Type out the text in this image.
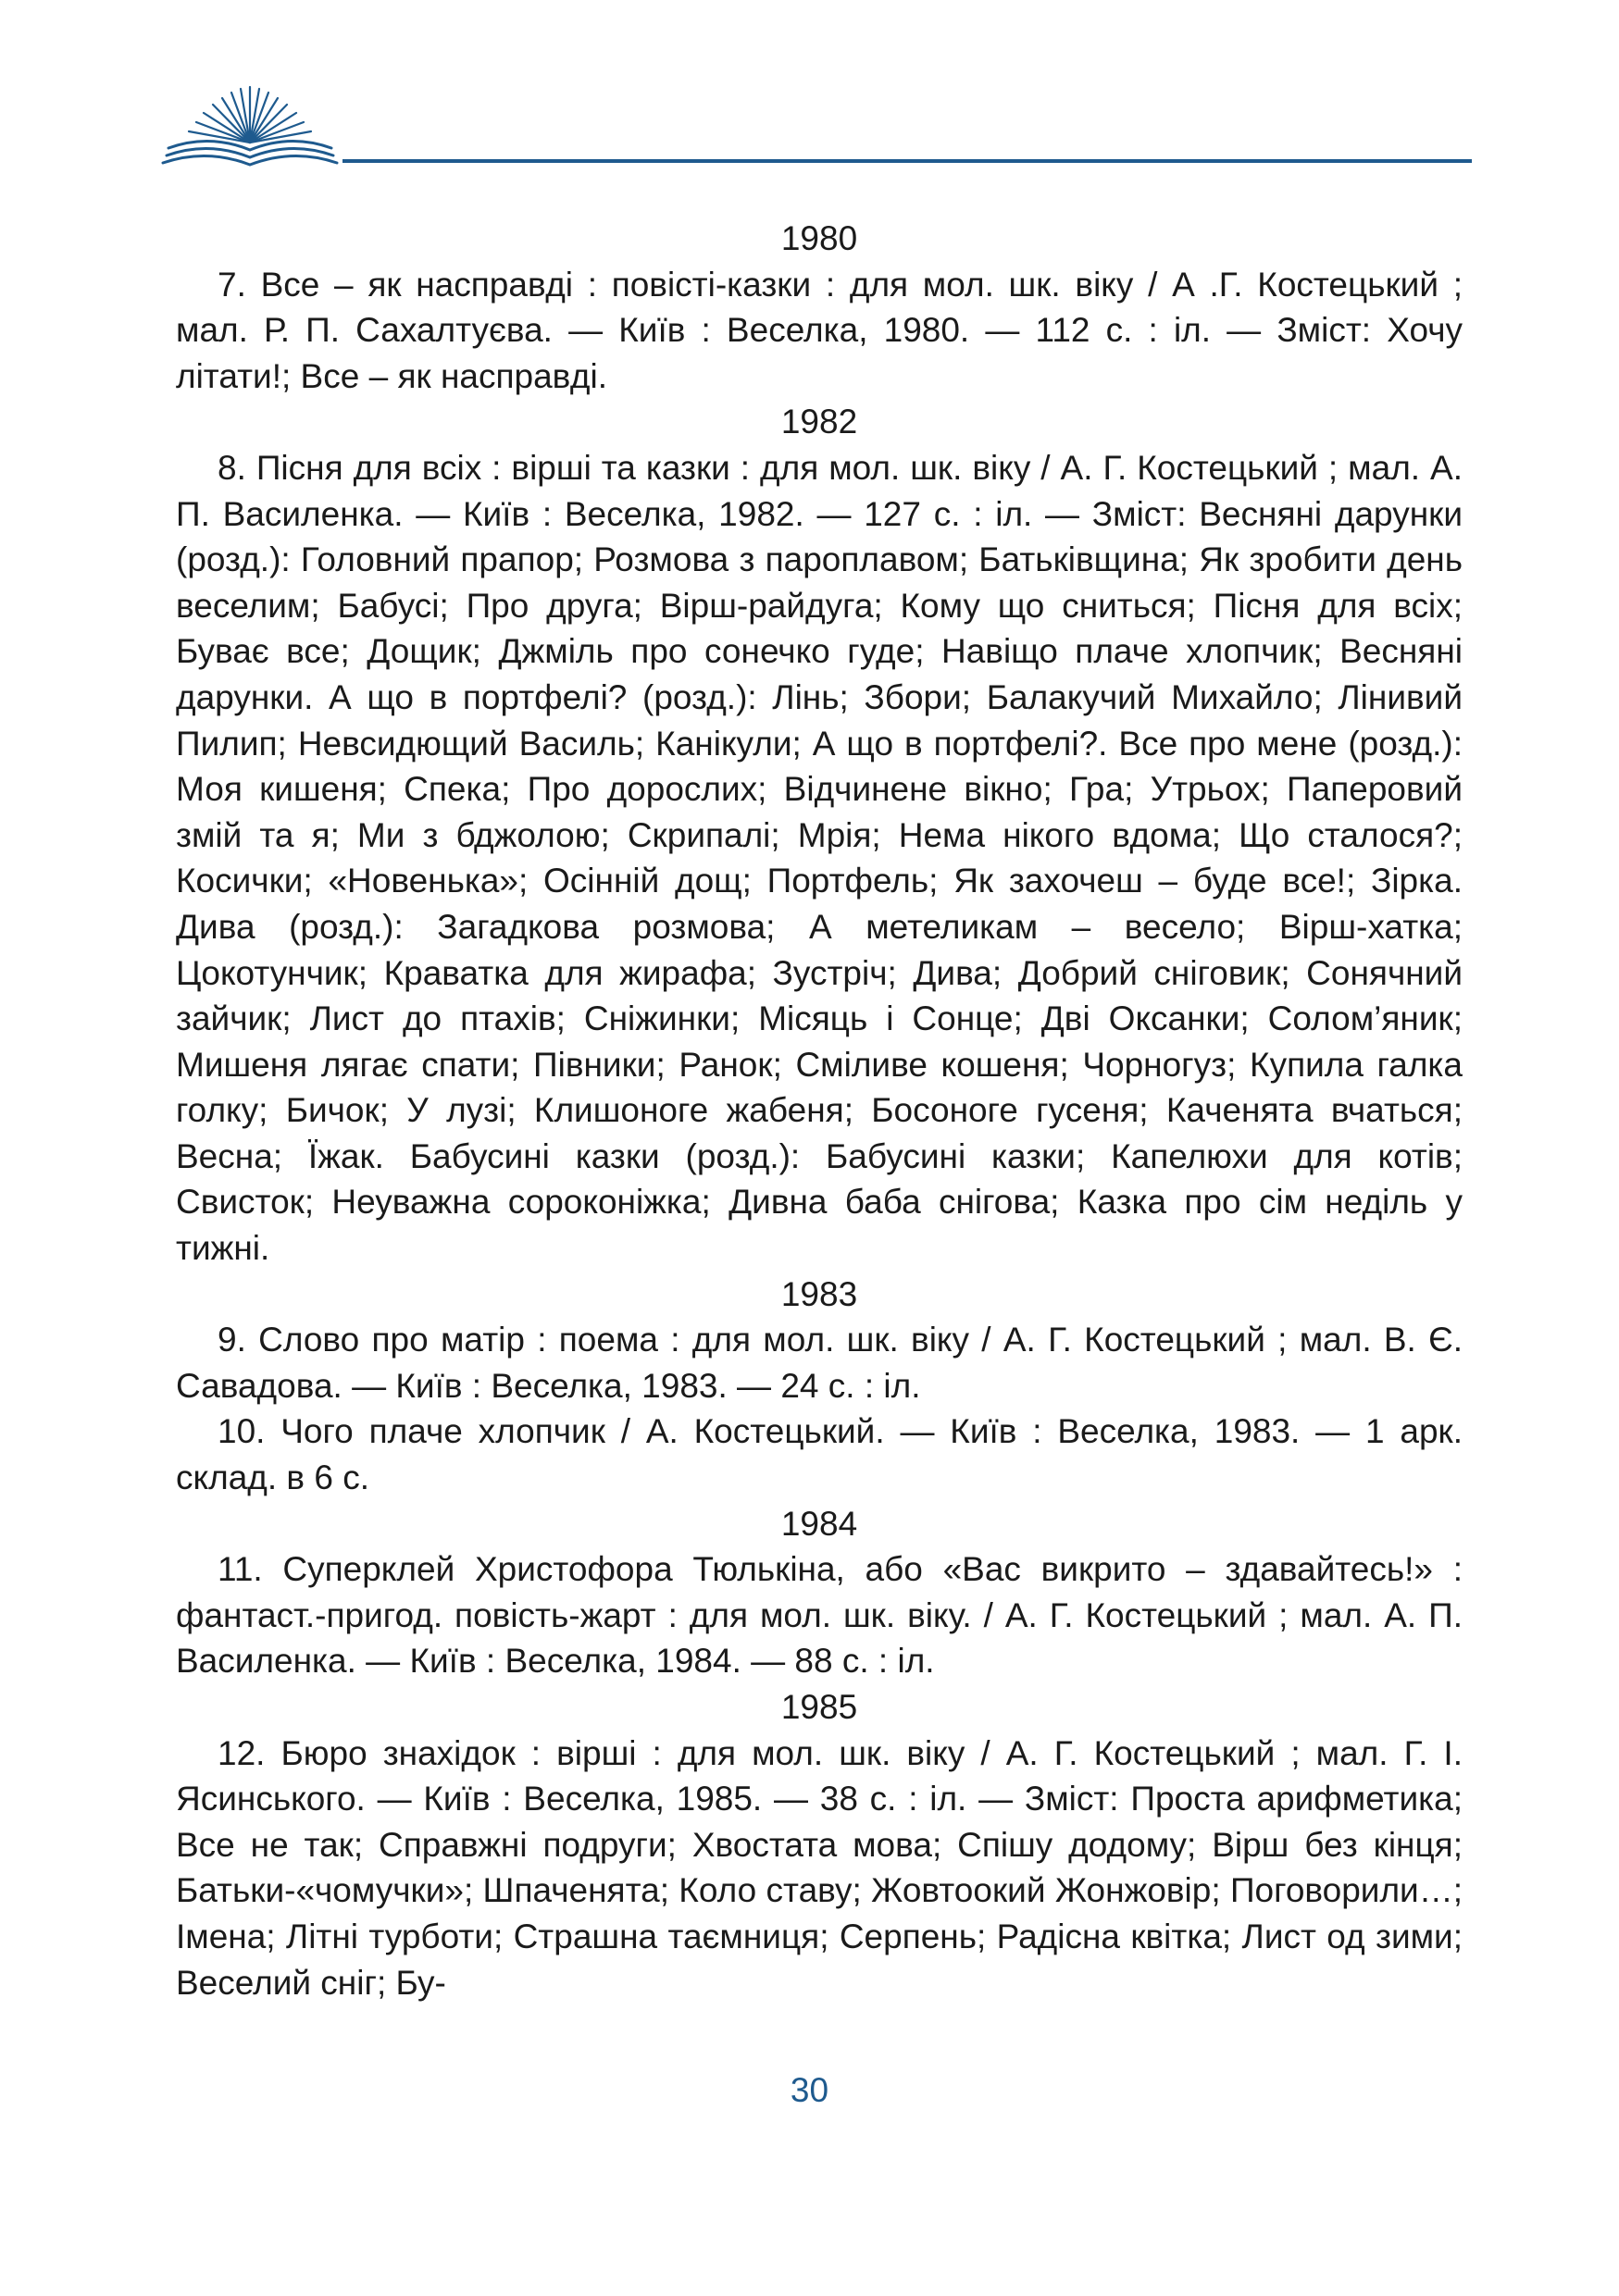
1980
7. Все – як насправді : повісті-казки : для мол. шк. віку / А .Г. Костецький ; мал. Р. П. Сахалтуєва. — Київ : Веселка, 1980. — 112 с. : іл. — Зміст: Хочу літати!; Все – як насправді.
1982
8. Пісня для всіх : вірші та казки : для мол. шк. віку / А. Г. Костецький ; мал. А. П. Василенка. — Київ : Веселка, 1982. — 127 с. : іл. — Зміст: Весняні дарунки (розд.): Головний прапор; Розмова з пароплавом; Батьківщина; Як зробити день веселим; Бабусі; Про друга; Вірш-райдуга; Кому що сниться; Пісня для всіх; Буває все; Дощик; Джміль про сонечко гуде; Навіщо плаче хлопчик; Весняні дарунки. А що в портфелі? (розд.): Лінь; Збори; Балакучий Михайло; Лінивий Пилип; Невсидющий Василь; Канікули; А що в портфелі?. Все про мене (розд.): Моя кишеня; Спека; Про дорослих; Відчинене вікно; Гра; Утрьох; Паперовий змій та я; Ми з бджолою; Скрипалі; Мрія; Нема нікого вдома; Що сталося?; Косички; «Новенька»; Осінній дощ; Портфель; Як захочеш – буде все!; Зірка. Дива (розд.): Загадкова розмова; А метеликам – весело; Вірш-хатка; Цокотунчик; Краватка для жирафа; Зустріч; Дива; Добрий сніговик; Сонячний зайчик; Лист до птахів; Сніжинки; Місяць і Сонце; Дві Оксанки; Солом’яник; Мишеня лягає спати; Півники; Ранок; Сміливе кошеня; Чорногуз; Купила галка голку; Бичок; У лузі; Клишоноге жабеня; Босоноге гусеня; Каченята вчаться; Весна; Їжак. Бабусині казки (розд.): Бабусині казки; Капелюхи для котів; Свисток; Неуважна сороконіжка; Дивна баба снігова; Казка про сім неділь у тижні.
1983
9. Слово про матір : поема : для мол. шк. віку / А. Г. Костецький ; мал. В. Є. Савадова. — Київ : Веселка, 1983. — 24 с. : іл.
10. Чого плаче хлопчик / А. Костецький. — Київ : Веселка, 1983. — 1 арк. склад. в 6 с.
1984
11. Суперклей Христофора Тюлькіна, або «Вас викрито – здавайтесь!» : фантаст.-пригод. повість-жарт : для мол. шк. віку. / А. Г. Костецький ; мал. А. П. Василенка. — Київ : Веселка, 1984. — 88 с. : іл.
1985
12. Бюро знахідок : вірші : для мол. шк. віку / А. Г. Костецький ; мал. Г. І. Ясинського. — Київ : Веселка, 1985. — 38 с. : іл. — Зміст: Проста арифметика; Все не так; Справжні подруги; Хвостата мова; Спішу додому; Вірш без кінця; Батьки-«чомучки»; Шпаченята; Коло ставу; Жовтоокий Жонжовір; Поговорили…; Імена; Літні турботи; Страшна таємниця; Серпень; Радісна квітка; Лист од зими; Веселий сніг; Бу-
30
